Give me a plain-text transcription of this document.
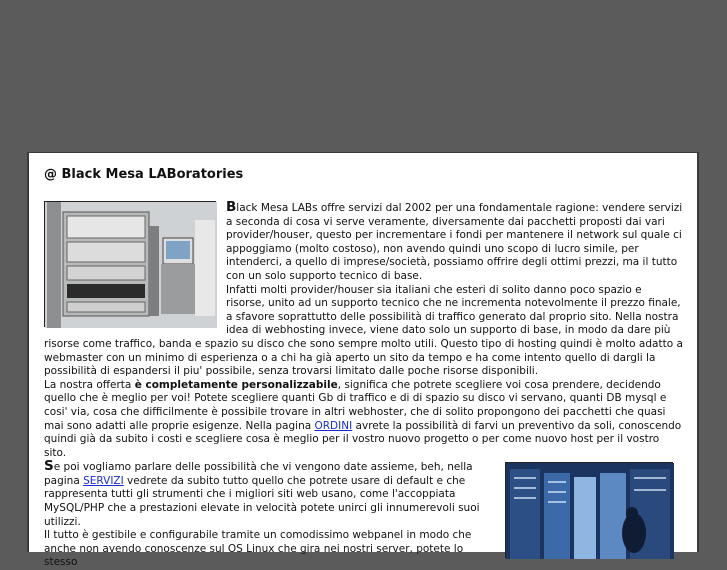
@ Black Mesa LABoratories

Black Mesa LABs offre servizi dal 2002 per una fondamentale ragione: vendere servizi a seconda di cosa vi serve veramente, diversamente dai pacchetti proposti dai vari provider/houser, questo per incrementare i fondi per mantenere il network sul quale ci appoggiamo (molto costoso), non avendo quindi uno scopo di lucro simile, per intenderci, a quello di imprese/società, possiamo offrire degli ottimi prezzi, ma il tutto con un solo supporto tecnico di base.

Infatti molti provider/houser sia italiani che esteri di solito danno poco spazio e risorse, unito ad un supporto tecnico che ne incrementa notevolmente il prezzo finale, a sfavore soprattutto delle possibilità di traffico generato dal proprio sito. Nella nostra idea di webhosting invece, viene dato solo un supporto di base, in modo da dare più risorse come traffico, banda e spazio su disco che sono sempre molto utili. Questo tipo di hosting quindi è molto adatto a webmaster con un minimo di esperienza o a chi ha già aperto un sito da tempo e ha come intento quello di dargli la possibilità di espandersi il piu' possibile, senza trovarsi limitato dalle poche risorse disponibili.

La nostra offerta è completamente personalizzabile, significa che potrete scegliere voi cosa prendere, decidendo quello che è meglio per voi! Potete scegliere quanti Gb di traffico e di di spazio su disco vi servano, quanti DB mysql e cosi' via, cosa che difficilmente è possibile trovare in altri webhoster, che di solito propongono dei pacchetti che quasi mai sono adatti alle proprie esigenze. Nella pagina ORDINI avrete la possibilità di farvi un preventivo da soli, conoscendo quindi già da subito i costi e scegliere cosa è meglio per il vostro nuovo progetto o per come nuovo host per il vostro sito.

Se poi vogliamo parlare delle possibilità che vi vengono date assieme, beh, nella pagina SERVIZI vedrete da subito tutto quello che potrete usare di default e che rappresenta tutti gli strumenti che i migliori siti web usano, come l'accoppiata MySQL/PHP che a prestazioni elevate in velocità potete unirci gli innumerevoli suoi utilizzi.

Il tutto è gestibile e configurabile tramite un comodissimo webpanel in modo che anche non avendo conoscenze sul OS Linux che gira nei nostri server, potete lo stesso
